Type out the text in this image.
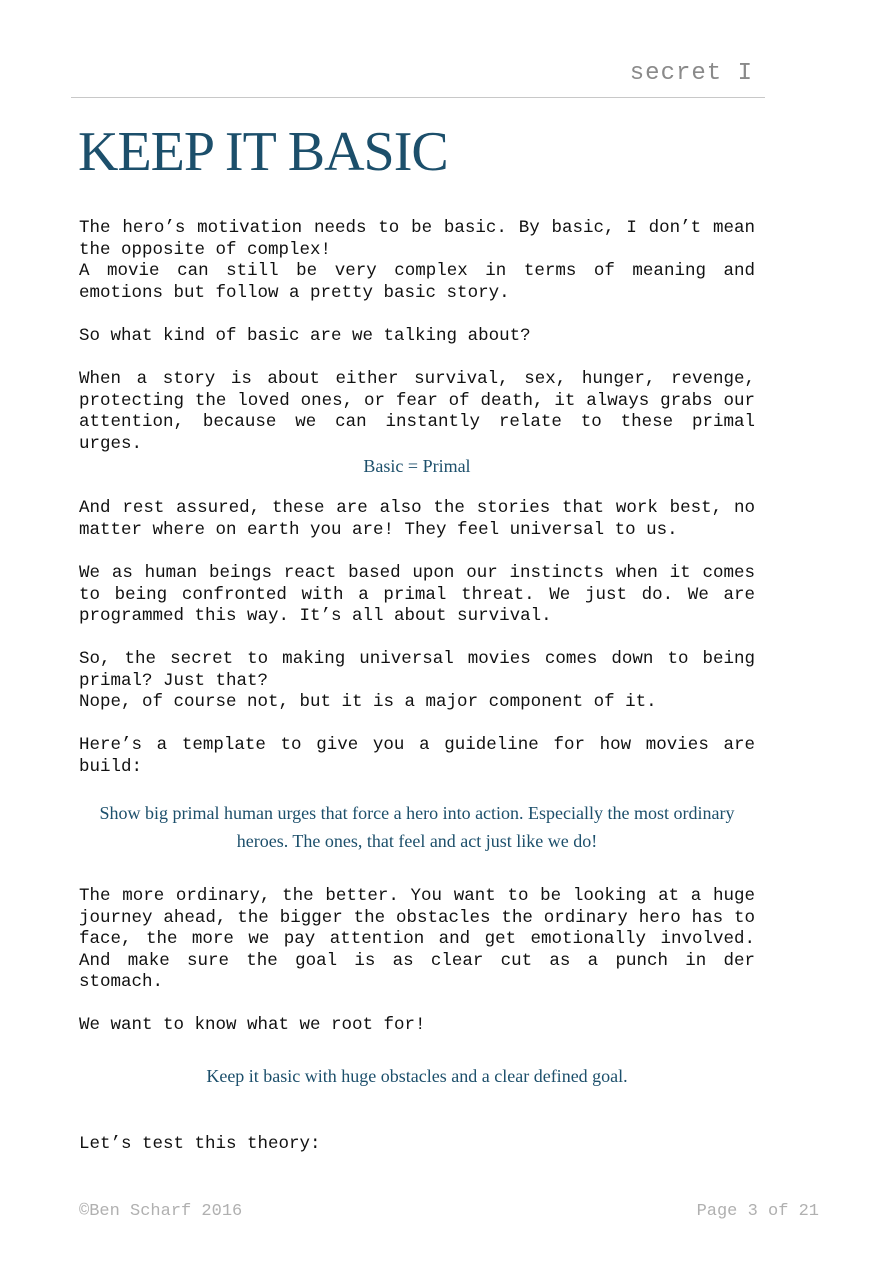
secret I
KEEP IT BASIC

The hero’s motivation needs to be basic. By basic, I don’t mean the opposite of complex!

A movie can still be very complex in terms of meaning and emotions but follow a pretty basic story.

So what kind of basic are we talking about?

When a story is about either survival, sex, hunger, revenge, protecting the loved ones, or fear of death, it always grabs our attention, because we can instantly relate to these primal urges.

Basic = Primal

And rest assured, these are also the stories that work best, no matter where on earth you are! They feel universal to us.

We as human beings react based upon our instincts when it comes to being confronted with a primal threat. We just do. We are programmed this way. It’s all about survival.

So, the secret to making universal movies comes down to being primal? Just that?

Nope, of course not, but it is a major component of it.

Here’s a template to give you a guideline for how movies are build:

Show big primal human urges that force a hero into action. Especially the most ordinary heroes. The ones, that feel and act just like we do!

The more ordinary, the better. You want to be looking at a huge journey ahead, the bigger the obstacles the ordinary hero has to face, the more we pay attention and get emotionally involved. And make sure the goal is as clear cut as a punch in der stomach.

We want to know what we root for!

Keep it basic with huge obstacles and a clear defined goal.

Let’s test this theory:

©Ben Scharf 2016	Page 3 of 21
